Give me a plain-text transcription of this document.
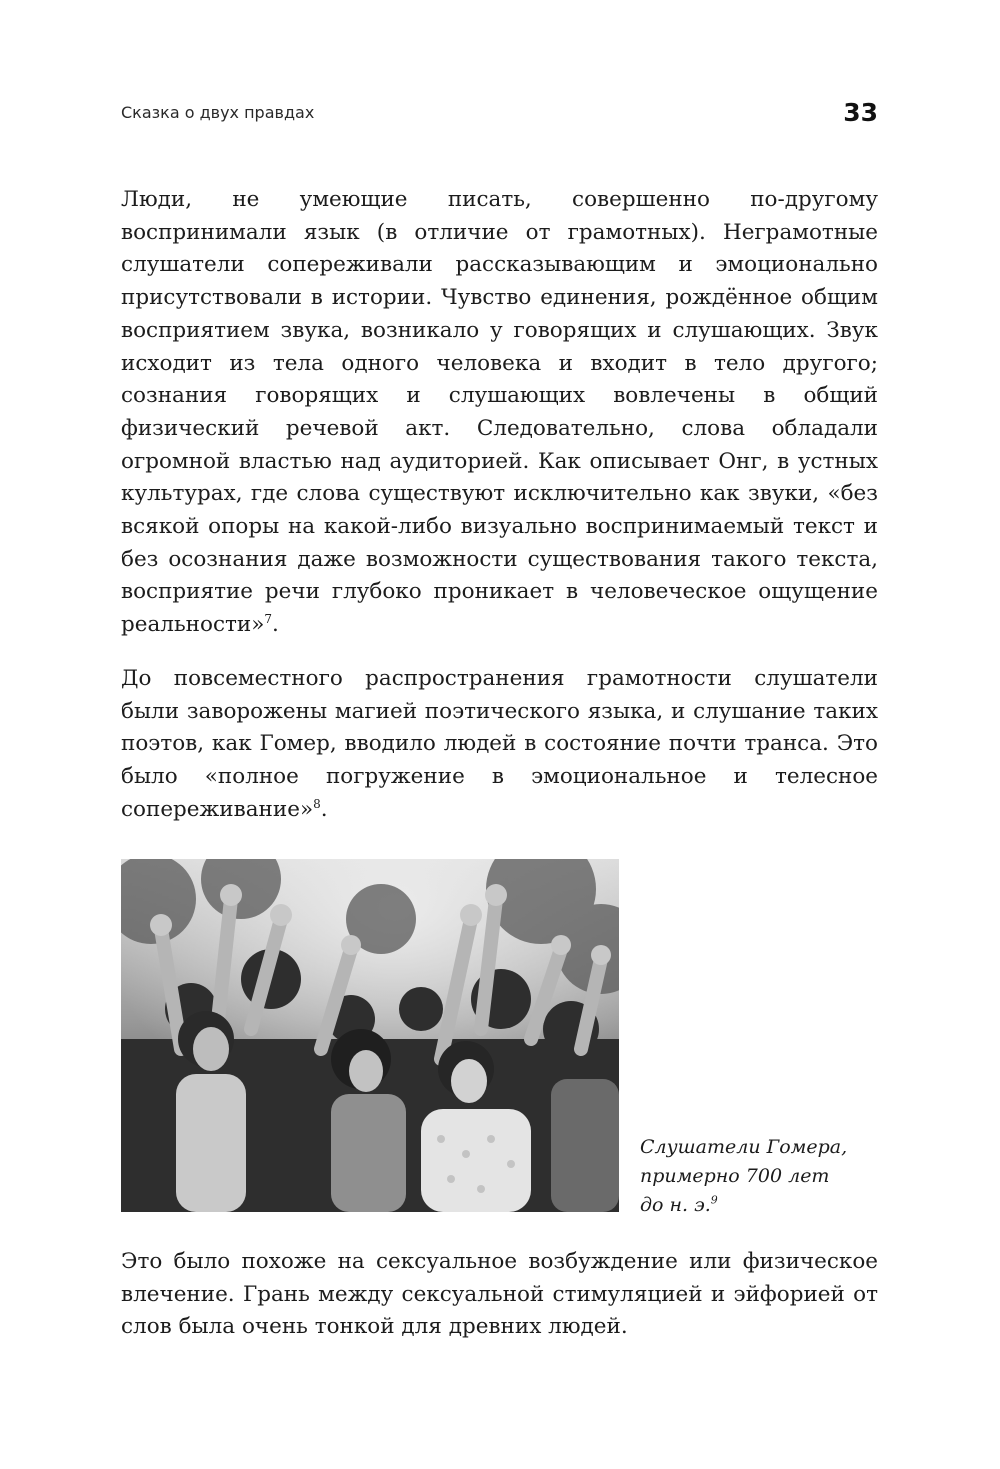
Сказка о двух правдах	33

Люди, не умеющие писать, совершенно по-другому воспринимали язык (в отличие от грамотных). Неграмотные слушатели сопереживали рассказывающим и эмоционально присутствовали в истории. Чувство единения, рождённое общим восприятием звука, возникало у говорящих и слушающих. Звук исходит из тела одного человека и входит в тело другого; сознания говорящих и слушающих вовлечены в общий физический речевой акт. Следовательно, слова обладали огромной властью над аудиторией. Как описывает Онг, в устных культурах, где слова существуют исключительно как звуки, «без всякой опоры на какой-либо визуально воспринимаемый текст и без осознания даже возможности существования такого текста, восприятие речи глубоко проникает в человеческое ощущение реальности»$^7$.

До повсеместного распространения грамотности слушатели были заворожены магией поэтического языка, и слушание таких поэтов, как Гомер, вводило людей в состояние почти транса. Это было «полное погружение в эмоциональное и телесное сопереживание»$^8$.

Слушатели Гомера,
примерно 700 лет
до н. э.$^9$

Это было похоже на сексуальное возбуждение или физическое влечение. Грань между сексуальной стимуляцией и эйфорией от слов была очень тонкой для древних людей.
